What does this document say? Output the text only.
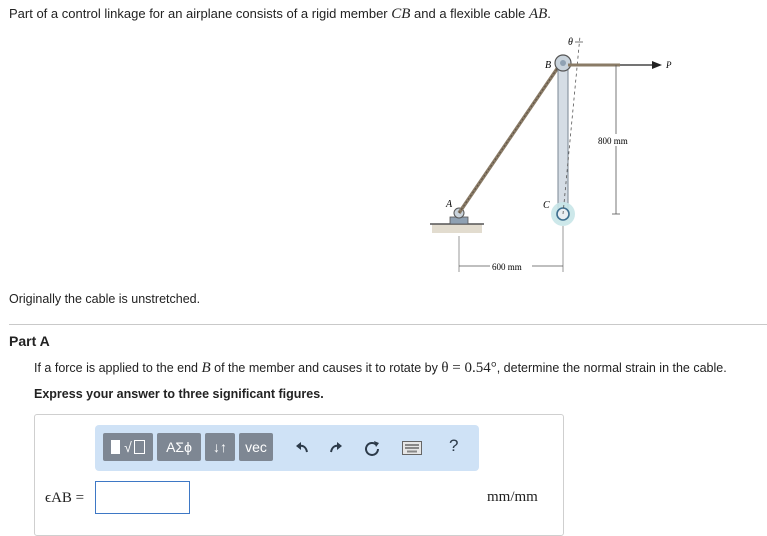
Part of a control linkage for an airplane consists of a rigid member CB and a flexible cable AB.
A	C
B
θ
P
800 mm
600 mm
Originally the cable is unstretched.
Part A
If a force is applied to the end B of the member and causes it to rotate by θ = 0.54°, determine the normal strain in the cable.
Express your answer to three significant figures.
√	ΑΣϕ	↓↑	vec	?
ϵAB =	mm/mm
